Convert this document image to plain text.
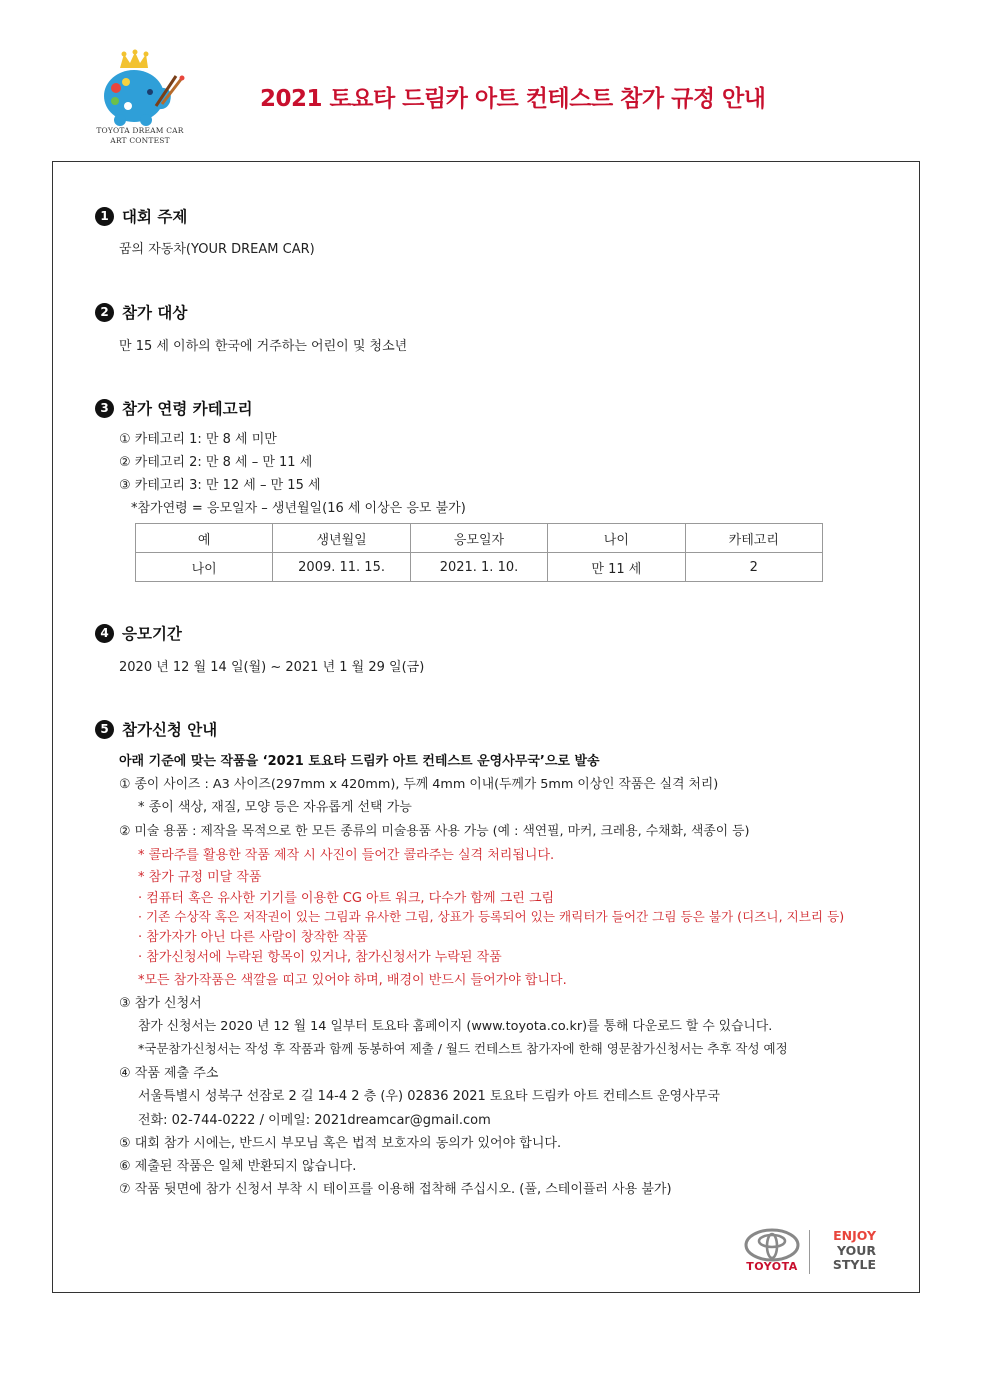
TOYOTA DREAM CAR
ART CONTEST
2021 토요타 드림카 아트 컨테스트 참가 규정 안내
1 대회 주제
꿈의 자동차(YOUR DREAM CAR)
2 참가 대상
만 15 세 이하의 한국에 거주하는 어린이 및 청소년
3 참가 연령 카테고리
① 카테고리 1: 만 8 세 미만
② 카테고리 2: 만 8 세 – 만 11 세
③ 카테고리 3: 만 12 세 – 만 15 세
*참가연령 = 응모일자 – 생년월일(16 세 이상은 응모 불가)
예	생년월일	응모일자	나이	카테고리
나이	2009. 11. 15.	2021. 1. 10.	만 11 세	2
4 응모기간
2020 년 12 월 14 일(월) ~ 2021 년 1 월 29 일(금)
5 참가신청 안내
아래 기준에 맞는 작품을 ‘2021 토요타 드림카 아트 컨테스트 운영사무국’으로 발송
① 종이 사이즈 : A3 사이즈(297mm x 420mm), 두께 4mm 이내(두께가 5mm 이상인 작품은 실격 처리)
* 종이 색상, 재질, 모양 등은 자유롭게 선택 가능
② 미술 용품 : 제작을 목적으로 한 모든 종류의 미술용품 사용 가능 (예 : 색연필, 마커, 크레용, 수채화, 색종이 등)
* 콜라주를 활용한 작품 제작 시 사진이 들어간 콜라주는 실격 처리됩니다.
* 참가 규정 미달 작품
· 컴퓨터 혹은 유사한 기기를 이용한 CG 아트 워크, 다수가 함께 그린 그림
· 기존 수상작 혹은 저작권이 있는 그림과 유사한 그림, 상표가 등록되어 있는 캐릭터가 들어간 그림 등은 불가 (디즈니, 지브리 등)
· 참가자가 아닌 다른 사람이 창작한 작품
· 참가신청서에 누락된 항목이 있거나, 참가신청서가 누락된 작품
*모든 참가작품은 색깔을 띠고 있어야 하며, 배경이 반드시 들어가야 합니다.
③ 참가 신청서
참가 신청서는 2020 년 12 월 14 일부터 토요타 홈페이지 (www.toyota.co.kr)를 통해 다운로드 할 수 있습니다.
*국문참가신청서는 작성 후 작품과 함께 동봉하여 제출 / 월드 컨테스트 참가자에 한해 영문참가신청서는 추후 작성 예정
④ 작품 제출 주소
서울특별시 성북구 선잠로 2 길 14-4 2 층 (우) 02836 2021 토요타 드림카 아트 컨테스트 운영사무국
전화: 02-744-0222 / 이메일: 2021dreamcar@gmail.com
⑤ 대회 참가 시에는, 반드시 부모님 혹은 법적 보호자의 동의가 있어야 합니다.
⑥ 제출된 작품은 일체 반환되지 않습니다.
⑦ 작품 뒷면에 참가 신청서 부착 시 테이프를 이용해 접착해 주십시오. (풀, 스테이플러 사용 불가)
TOYOTA
ENJOY
YOUR
STYLE
